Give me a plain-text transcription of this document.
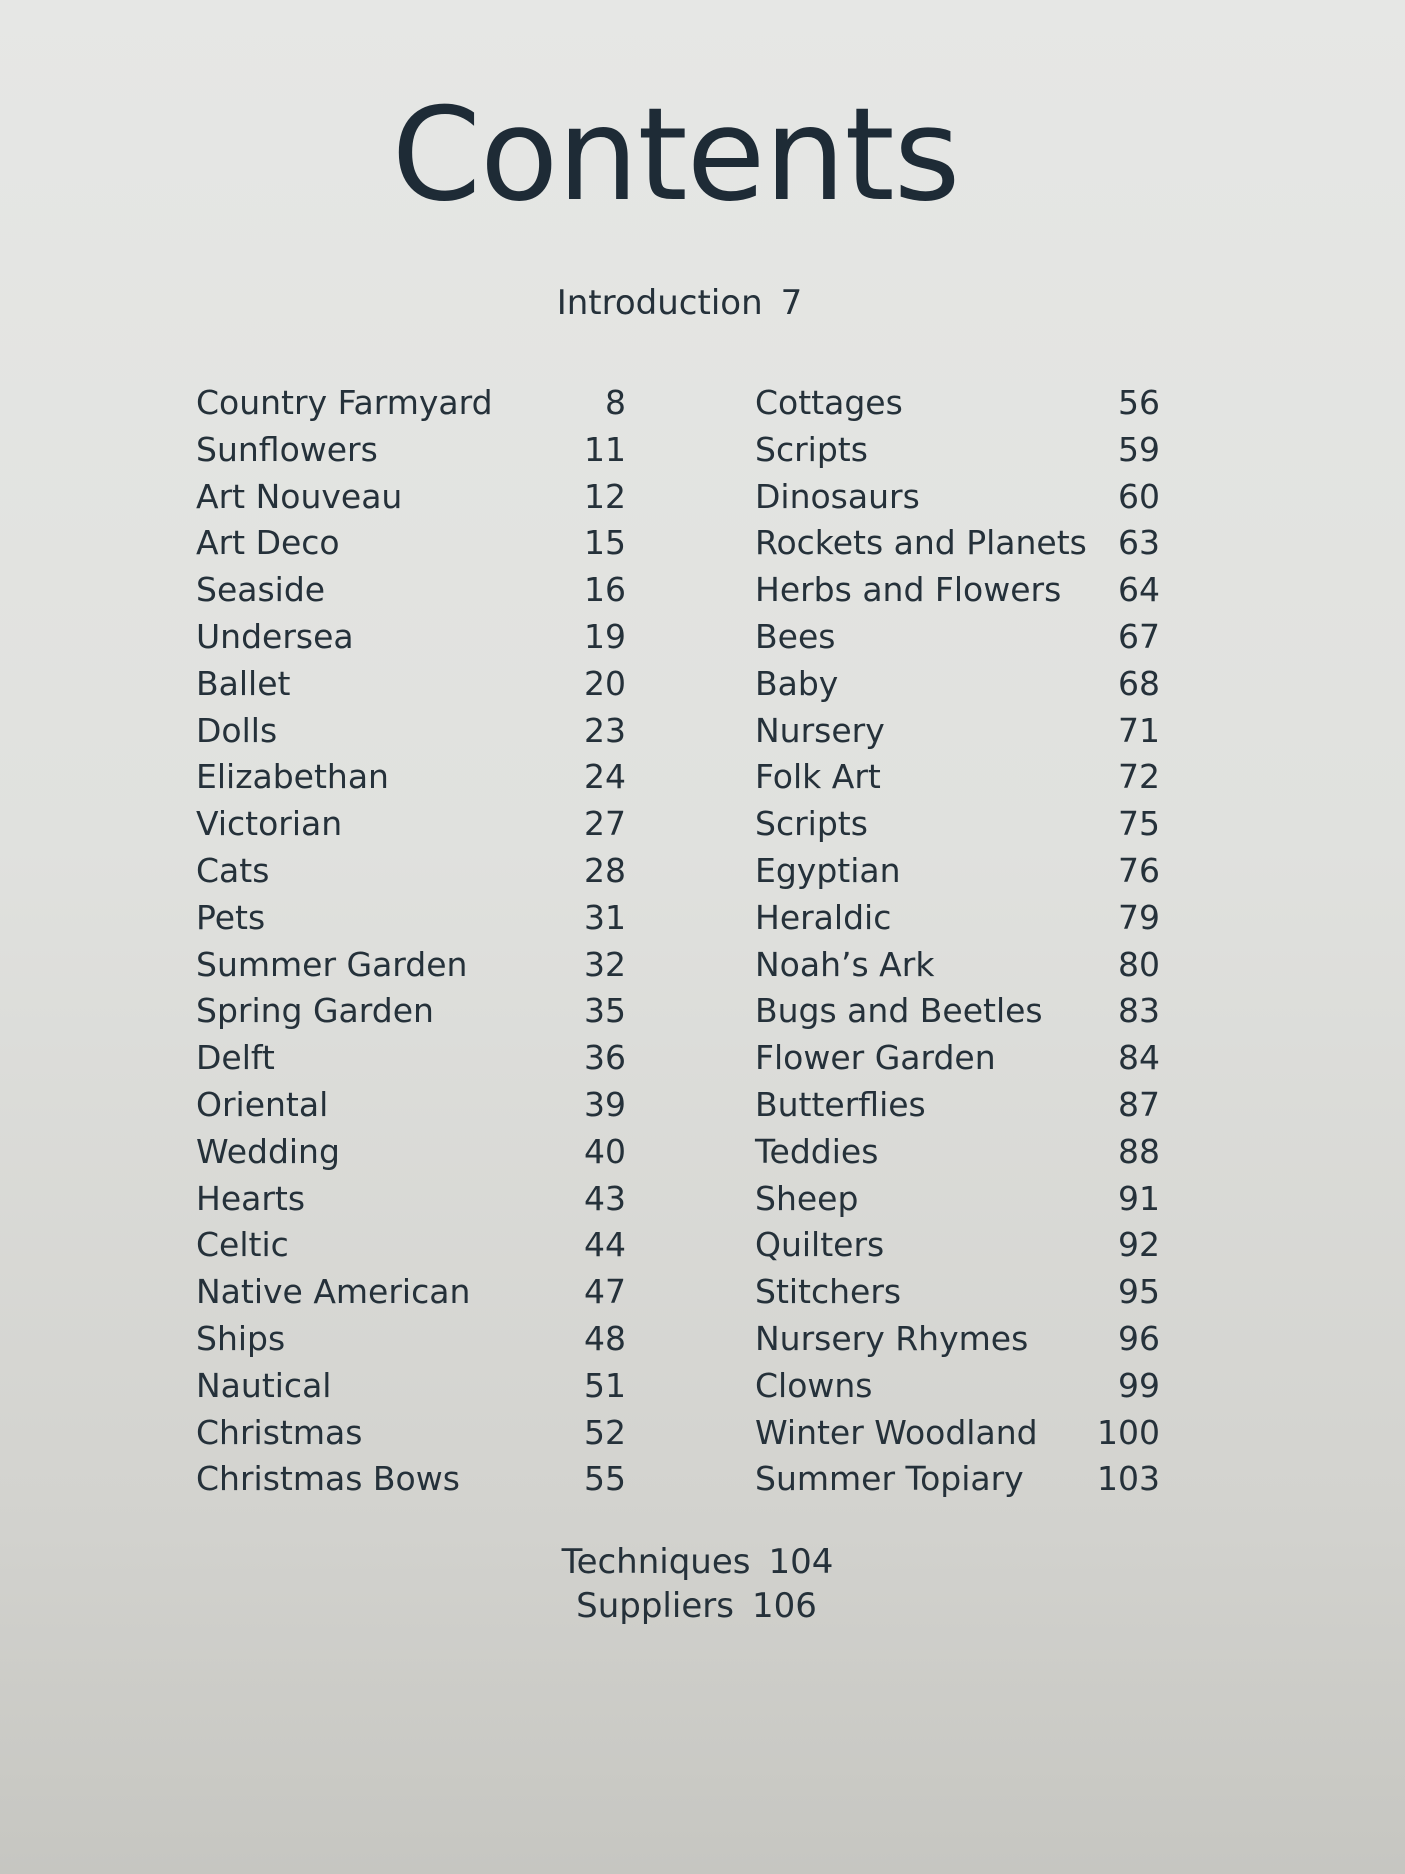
Contents
Introduction 7
Country Farmyard	8
Sunflowers	11
Art Nouveau	12
Art Deco	15
Seaside	16
Undersea	19
Ballet	20
Dolls	23
Elizabethan	24
Victorian	27
Cats	28
Pets	31
Summer Garden	32
Spring Garden	35
Delft	36
Oriental	39
Wedding	40
Hearts	43
Celtic	44
Native American	47
Ships	48
Nautical	51
Christmas	52
Christmas Bows	55
Cottages	56
Scripts	59
Dinosaurs	60
Rockets and Planets 63
Herbs and Flowers 64
Bees	67
Baby	68
Nursery	71
Folk Art	72
Scripts	75
Egyptian	76
Heraldic	79
Noah’s Ark	80
Bugs and Beetles 83
Flower Garden	84
Butterflies	87
Teddies	88
Sheep	91
Quilters	92
Stitchers	95
Nursery Rhymes	96
Clowns	99
Winter Woodland 100
Summer Topiary 103
Techniques 104
Suppliers 106
